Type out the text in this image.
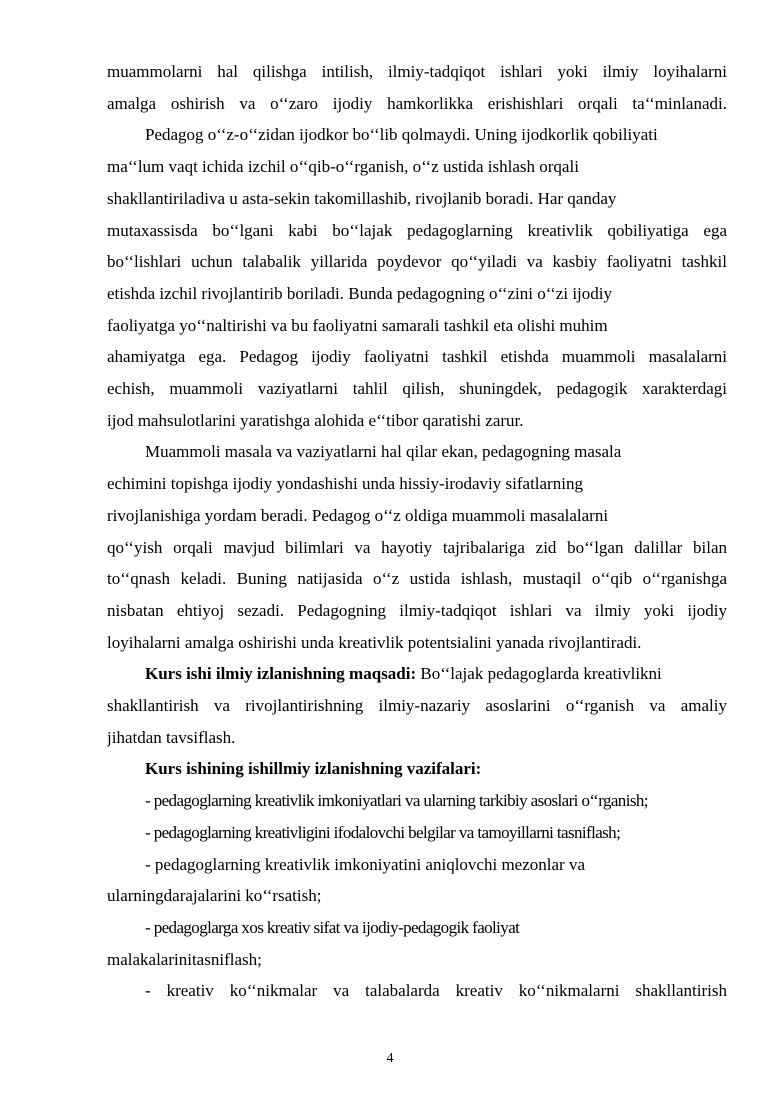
muammolarni hal qilishga intilish, ilmiy-tadqiqot ishlari yoki ilmiy loyihalarni
amalga oshirish va o‘‘zaro ijodiy hamkorlikka erishishlari orqali ta‘‘minlanadi.
Pedagog o‘‘z-o‘‘zidan ijodkor bo‘‘lib qolmaydi. Uning ijodkorlik qobiliyati
ma‘‘lum vaqt ichida izchil o‘‘qib-o‘‘rganish, o‘‘z ustida ishlash orqali
shakllantiriladiva u asta-sekin takomillashib, rivojlanib boradi. Har qanday
mutaxassisda bo‘‘lgani kabi bo‘‘lajak pedagoglarning kreativlik qobiliyatiga ega
bo‘‘lishlari uchun talabalik yillarida poydevor qo‘‘yiladi va kasbiy faoliyatni tashkil
etishda izchil rivojlantirib boriladi. Bunda pedagogning o‘‘zini o‘‘zi ijodiy
faoliyatga yo‘‘naltirishi va bu faoliyatni samarali tashkil eta olishi muhim
ahamiyatga ega. Pedagog ijodiy faoliyatni tashkil etishda muammoli masalalarni
echish, muammoli vaziyatlarni tahlil qilish, shuningdek, pedagogik xarakterdagi
ijod mahsulotlarini yaratishga alohida e‘‘tibor qaratishi zarur.
Muammoli masala va vaziyatlarni hal qilar ekan, pedagogning masala
echimini topishga ijodiy yondashishi unda hissiy-irodaviy sifatlarning
rivojlanishiga yordam beradi. Pedagog o‘‘z oldiga muammoli masalalarni
qo‘‘yish orqali mavjud bilimlari va hayotiy tajribalariga zid bo‘‘lgan dalillar bilan
to‘‘qnash keladi. Buning natijasida o‘‘z ustida ishlash, mustaqil o‘‘qib o‘‘rganishga
nisbatan ehtiyoj sezadi. Pedagogning ilmiy-tadqiqot ishlari va ilmiy yoki ijodiy
loyihalarni amalga oshirishi unda kreativlik potentsialini yanada rivojlantiradi.
Kurs ishi ilmiy izlanishning maqsadi: Bo‘‘lajak pedagoglarda kreativlikni
shakllantirish va rivojlantirishning ilmiy-nazariy asoslarini o‘‘rganish va amaliy
jihatdan tavsiflash.
Kurs ishining ishillmiy izlanishning vazifalari:
- pedagoglarning kreativlik imkoniyatlari va ularning tarkibiy asoslari o‘‘rganish;
- pedagoglarning kreativligini ifodalovchi belgilar va tamoyillarni tasniflash;
- pedagoglarning kreativlik imkoniyatini aniqlovchi mezonlar va
ularningdarajalarini ko‘‘rsatish;
- pedagoglarga xos kreativ sifat va ijodiy-pedagogik faoliyat
malakalarinitasniflash;
- kreativ ko‘‘nikmalar va talabalarda kreativ ko‘‘nikmalarni shakllantirish
4
